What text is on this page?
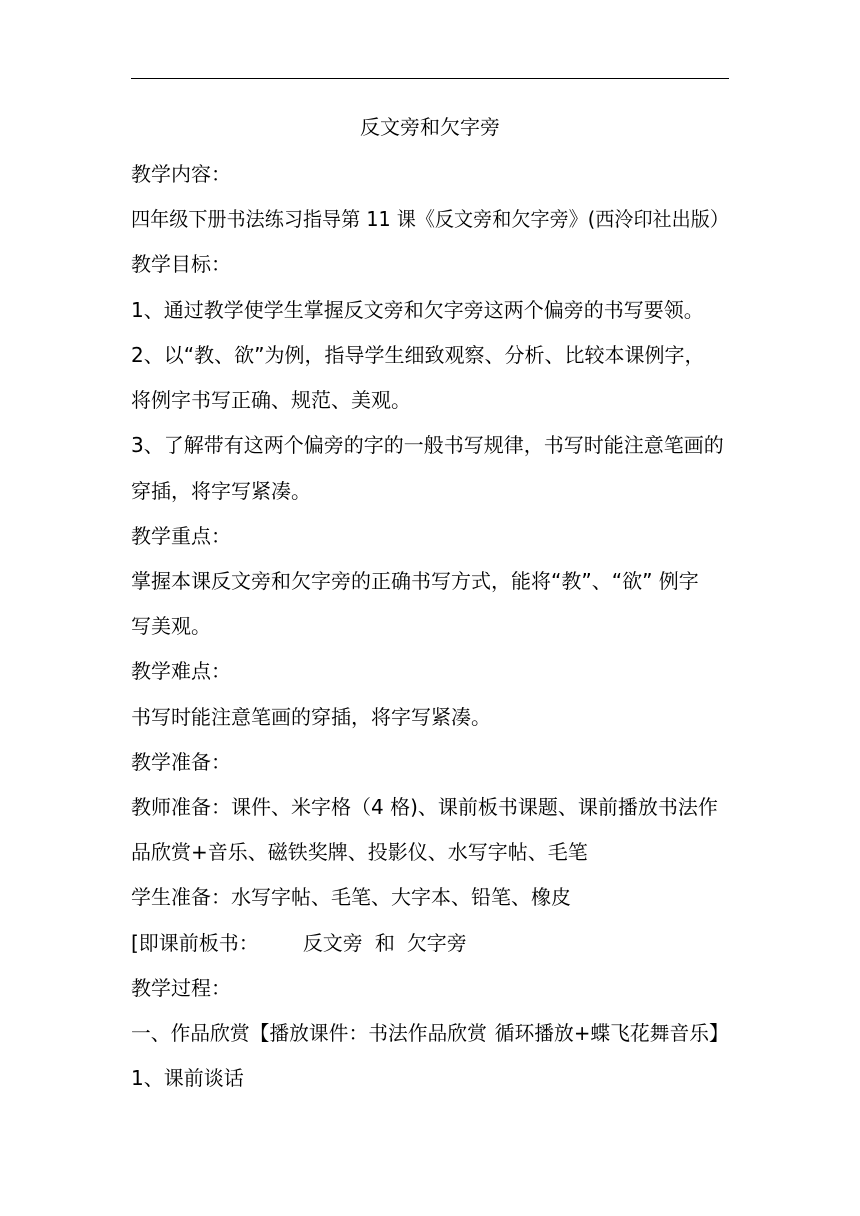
反文旁和欠字旁
教学内容：
四年级下册书法练习指导第 11 课《反文旁和欠字旁》(西泠印社出版）
教学目标：
1、通过教学使学生掌握反文旁和欠字旁这两个偏旁的书写要领。
2、以“教、欲”为例，指导学生细致观察、分析、比较本课例字，
将例字书写正确、规范、美观。
3、了解带有这两个偏旁的字的一般书写规律，书写时能注意笔画的
穿插，将字写紧凑。
教学重点：
掌握本课反文旁和欠字旁的正确书写方式，能将“教”、“欲” 例字
写美观。
教学难点：
书写时能注意笔画的穿插，将字写紧凑。
教学准备：
教师准备：课件、米字格（4 格)、课前板书课题、课前播放书法作
品欣赏+音乐、磁铁奖牌、投影仪、水写字帖、毛笔
学生准备：水写字帖、毛笔、大字本、铅笔、橡皮
[即课前板书： 反文旁 和 欠字旁
教学过程：
一、作品欣赏【播放课件：书法作品欣赏 循环播放+蝶飞花舞音乐】
1、课前谈话
